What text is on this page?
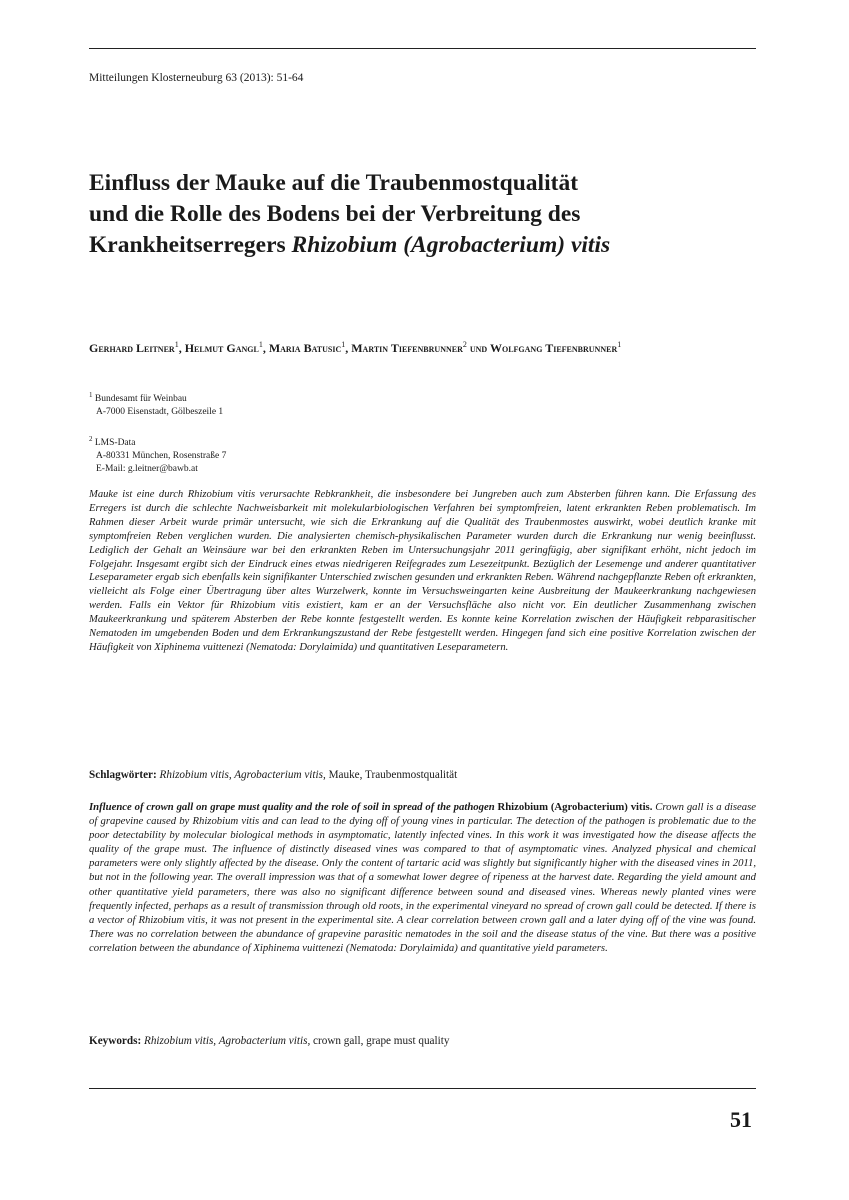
Mitteilungen Klosterneuburg 63 (2013): 51-64
Einfluss der Mauke auf die Traubenmostqualität
und die Rolle des Bodens bei der Verbreitung des
Krankheitserregers Rhizobium (Agrobacterium) vitis

Gerhard Leitner$^1$, Helmut Gangl$^1$, Maria Batusic$^1$, Martin Tiefenbrunner$^2$ und Wolfgang Tiefenbrunner$^1$

$^1$ Bundesamt für Weinbau
A-7000 Eisenstadt, Gölbeszeile 1
$^2$ LMS-Data
A-80331 München, Rosenstraße 7
E-Mail: g.leitner@bawb.at

Mauke ist eine durch Rhizobium vitis verursachte Rebkrankheit, die insbesondere bei Jungreben auch zum Absterben führen kann. Die Erfassung des Erregers ist durch die schlechte Nachweisbarkeit mit molekularbiologischen Verfahren bei symptomfreien, latent erkrankten Reben problematisch. Im Rahmen dieser Arbeit wurde primär untersucht, wie sich die Erkrankung auf die Qualität des Traubenmostes auswirkt, wobei deutlich kranke mit symptomfreien Reben verglichen wurden. Die analysierten chemisch-physikalischen Parameter wurden durch die Erkrankung nur wenig beeinflusst. Lediglich der Gehalt an Weinsäure war bei den erkrankten Reben im Untersuchungsjahr 2011 geringfügig, aber signifikant erhöht, nicht jedoch im Folgejahr. Insgesamt ergibt sich der Eindruck eines etwas niedrigeren Reifegrades zum Lesezeitpunkt. Bezüglich der Lesemenge und anderer quantitativer Leseparameter ergab sich ebenfalls kein signifikanter Unterschied zwischen gesunden und erkrankten Reben. Während nachgepflanzte Reben oft erkrankten, vielleicht als Folge einer Übertragung über altes Wurzelwerk, konnte im Versuchsweingarten keine Ausbreitung der Maukeerkrankung nachgewiesen werden. Falls ein Vektor für Rhizobium vitis existiert, kam er an der Versuchsfläche also nicht vor. Ein deutlicher Zusammenhang zwischen Maukeerkrankung und späterem Absterben der Rebe konnte festgestellt werden. Es konnte keine Korrelation zwischen der Häufigkeit rebparasitischer Nematoden im umgebenden Boden und dem Erkrankungszustand der Rebe festgestellt werden. Hingegen fand sich eine positive Korrelation zwischen der Häufigkeit von Xiphinema vuittenezi (Nematoda: Dorylaimida) und quantitativen Leseparametern.

Schlagwörter: Rhizobium vitis, Agrobacterium vitis, Mauke, Traubenmostqualität

Influence of crown gall on grape must quality and the role of soil in spread of the pathogen Rhizobium (Agrobacterium) vitis. Crown gall is a disease of grapevine caused by Rhizobium vitis and can lead to the dying off of young vines in particular. The detection of the pathogen is problematic due to the poor detectability by molecular biological methods in asymptomatic, latently infected vines. In this work it was investigated how the disease affects the quality of the grape must. The influence of distinctly diseased vines was compared to that of asymptomatic vines. Analyzed physical and chemical parameters were only slightly affected by the disease. Only the content of tartaric acid was slightly but significantly higher with the diseased vines in 2011, but not in the following year. The overall impression was that of a somewhat lower degree of ripeness at the harvest date. Regarding the yield amount and other quantitative yield parameters, there was also no significant difference between sound and diseased vines. Whereas newly planted vines were frequently infected, perhaps as a result of transmission through old roots, in the experimental vineyard no spread of crown gall could be detected. If there is a vector of Rhizobium vitis, it was not present in the experimental site. A clear correlation between crown gall and a later dying off of the vine was found. There was no correlation between the abundance of grapevine parasitic nematodes in the soil and the disease status of the vine. But there was a positive correlation between the abundance of Xiphinema vuittenezi (Nematoda: Dorylaimida) and quantitative yield parameters.

Keywords: Rhizobium vitis, Agrobacterium vitis, crown gall, grape must quality
51
